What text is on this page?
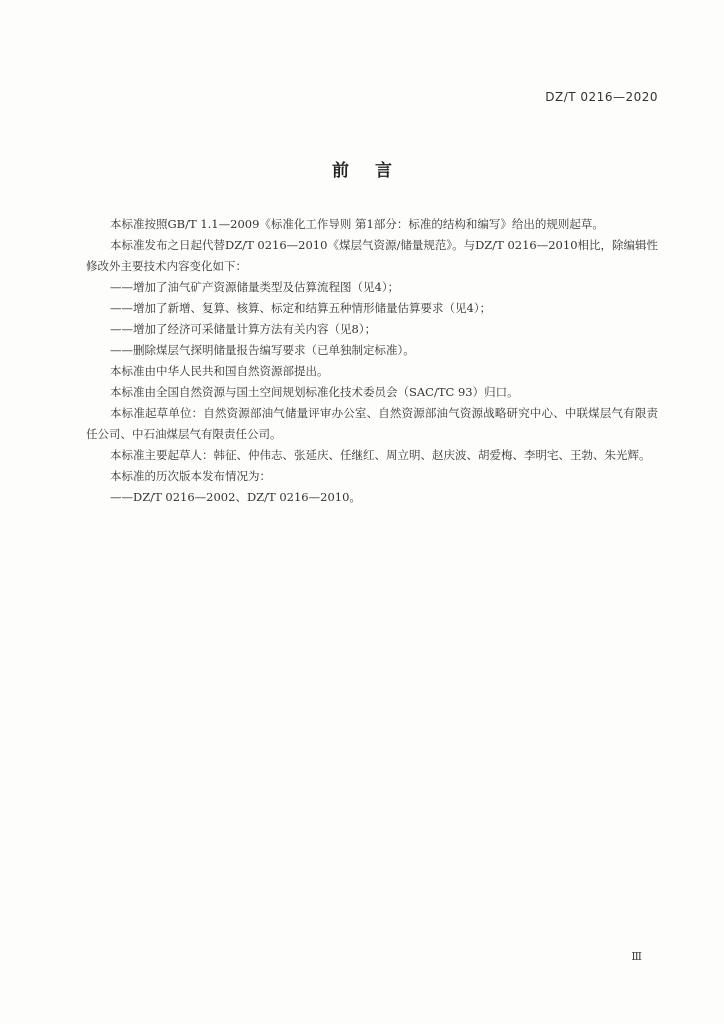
DZ/T 0216—2020
前言

本标准按照GB/T 1.1—2009《标准化工作导则 第1部分：标准的结构和编写》给出的规则起草。

本标准发布之日起代替DZ/T 0216—2010《煤层气资源/储量规范》。与DZ/T 0216—2010相比，除编辑性修改外主要技术内容变化如下：

——增加了油气矿产资源储量类型及估算流程图（见4）；

——增加了新增、复算、核算、标定和结算五种情形储量估算要求（见4）；

——增加了经济可采储量计算方法有关内容（见8）；

——删除煤层气探明储量报告编写要求（已单独制定标准）。

本标准由中华人民共和国自然资源部提出。

本标准由全国自然资源与国土空间规划标准化技术委员会（SAC/TC 93）归口。

本标准起草单位：自然资源部油气储量评审办公室、自然资源部油气资源战略研究中心、中联煤层气有限责任公司、中石油煤层气有限责任公司。

本标准主要起草人：韩征、仲伟志、张延庆、任继红、周立明、赵庆波、胡爱梅、李明宅、王勃、朱光辉。

本标准的历次版本发布情况为：

——DZ/T 0216—2002、DZ/T 0216—2010。

Ⅲ
